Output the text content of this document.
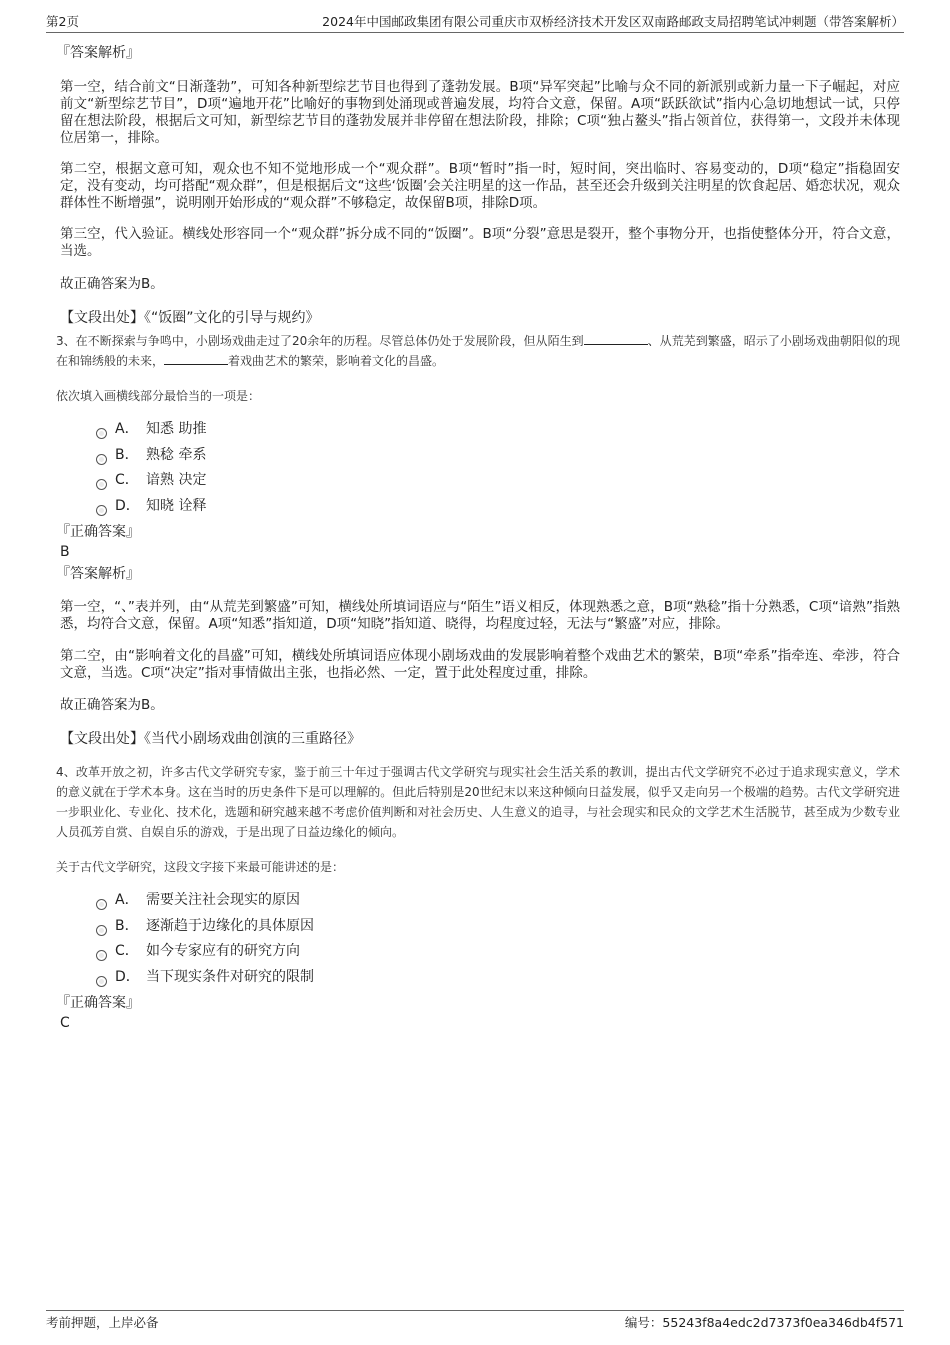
第2页	2024年中国邮政集团有限公司重庆市双桥经济技术开发区双南路邮政支局招聘笔试冲刺题（带答案解析）

『答案解析』

第一空，结合前文“日渐蓬勃”，可知各种新型综艺节目也得到了蓬勃发展。B项“异军突起”比喻与众不同的新派别或新力量一下子崛起，对应前文“新型综艺节目”，D项“遍地开花”比喻好的事物到处涌现或普遍发展，均符合文意，保留。A项“跃跃欲试”指内心急切地想试一试，只停留在想法阶段，根据后文可知，新型综艺节目的蓬勃发展并非停留在想法阶段，排除；C项“独占鳌头”指占领首位，获得第一，文段并未体现位居第一，排除。

第二空，根据文意可知，观众也不知不觉地形成一个“观众群”。B项“暂时”指一时，短时间，突出临时、容易变动的，D项“稳定”指稳固安定，没有变动，均可搭配“观众群”，但是根据后文“这些‘饭圈’会关注明星的这一作品，甚至还会升级到关注明星的饮食起居、婚恋状况，观众群体性不断增强”，说明刚开始形成的“观众群”不够稳定，故保留B项，排除D项。

第三空，代入验证。横线处形容同一个“观众群”拆分成不同的“饭圈”。B项“分裂”意思是裂开，整个事物分开，也指使整体分开，符合文意，当选。

故正确答案为B。

【文段出处】《“饭圈”文化的引导与规约》

3、在不断探索与争鸣中，小剧场戏曲走过了20余年的历程。尽管总体仍处于发展阶段，但从陌生到	、从荒芜到繁盛，昭示了小剧场戏曲朝阳似的现在和锦绣般的未来，	着戏曲艺术的繁荣，影响着文化的昌盛。

依次填入画横线部分最恰当的一项是：

A． 知悉 助推
B． 熟稔 牵系
C． 谙熟 决定
D． 知晓 诠释

『正确答案』

B

『答案解析』

第一空，“、”表并列，由“从荒芜到繁盛”可知，横线处所填词语应与“陌生”语义相反，体现熟悉之意，B项“熟稔”指十分熟悉，C项“谙熟”指熟悉，均符合文意，保留。A项“知悉”指知道，D项“知晓”指知道、晓得，均程度过轻，无法与“繁盛”对应，排除。

第二空，由“影响着文化的昌盛”可知，横线处所填词语应体现小剧场戏曲的发展影响着整个戏曲艺术的繁荣，B项“牵系”指牵连、牵涉，符合文意，当选。C项“决定”指对事情做出主张，也指必然、一定，置于此处程度过重，排除。

故正确答案为B。

【文段出处】《当代小剧场戏曲创演的三重路径》

4、改革开放之初，许多古代文学研究专家，鉴于前三十年过于强调古代文学研究与现实社会生活关系的教训，提出古代文学研究不必过于追求现实意义，学术的意义就在于学术本身。这在当时的历史条件下是可以理解的。但此后特别是20世纪末以来这种倾向日益发展，似乎又走向另一个极端的趋势。古代文学研究进一步职业化、专业化、技术化，选题和研究越来越不考虑价值判断和对社会历史、人生意义的追寻，与社会现实和民众的文学艺术生活脱节，甚至成为少数专业人员孤芳自赏、自娱自乐的游戏，于是出现了日益边缘化的倾向。

关于古代文学研究，这段文字接下来最可能讲述的是：

A． 需要关注社会现实的原因
B． 逐渐趋于边缘化的具体原因
C． 如今专家应有的研究方向
D． 当下现实条件对研究的限制

『正确答案』

C

考前押题，上岸必备	编号：55243f8a4edc2d7373f0ea346db4f571
